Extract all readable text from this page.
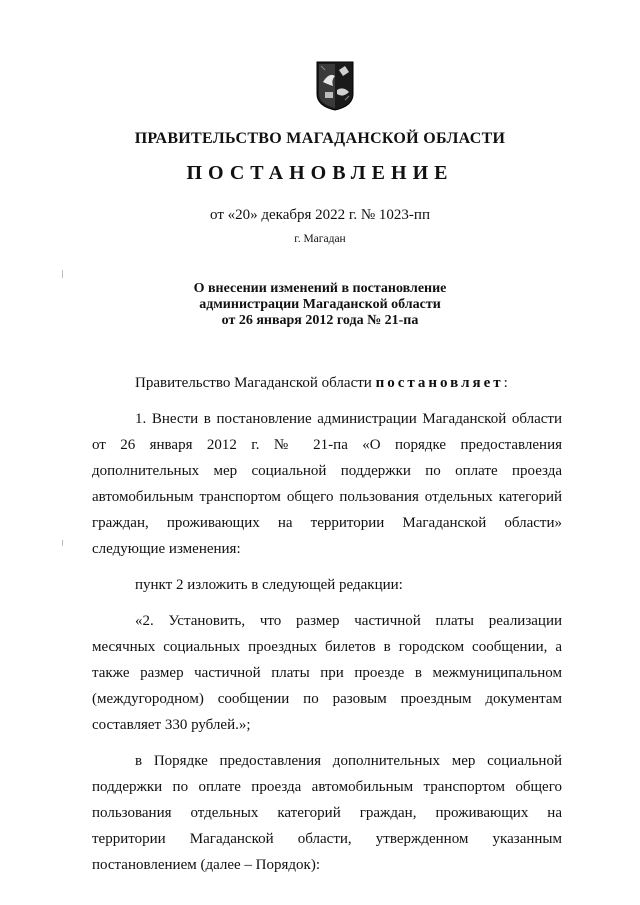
ПРАВИТЕЛЬСТВО МАГАДАНСКОЙ ОБЛАСТИ
ПОСТАНОВЛЕНИЕ
от «20» декабря 2022 г. № 1023-пп
г. Магадан
О внесении изменений в постановление
администрации Магаданской области
от 26 января 2012 года № 21-па

Правительство Магаданской области постановляет:

1. Внести в постановление администрации Магаданской области от 26 января 2012 г. № 21-па «О порядке предоставления дополнительных мер социальной поддержки по оплате проезда автомобильным транспортом общего пользования отдельных категорий граждан, проживающих на территории Магаданской области» следующие изменения:

пункт 2 изложить в следующей редакции:

«2. Установить, что размер частичной платы реализации месячных социальных проездных билетов в городском сообщении, а также размер частичной платы при проезде в межмуниципальном (междугородном) сообщении по разовым проездным документам составляет 330 рублей.»;

в Порядке предоставления дополнительных мер социальной поддержки по оплате проезда автомобильным транспортом общего пользования отдельных категорий граждан, проживающих на территории Магаданской области, утвержденном указанным постановлением (далее – Порядок):
